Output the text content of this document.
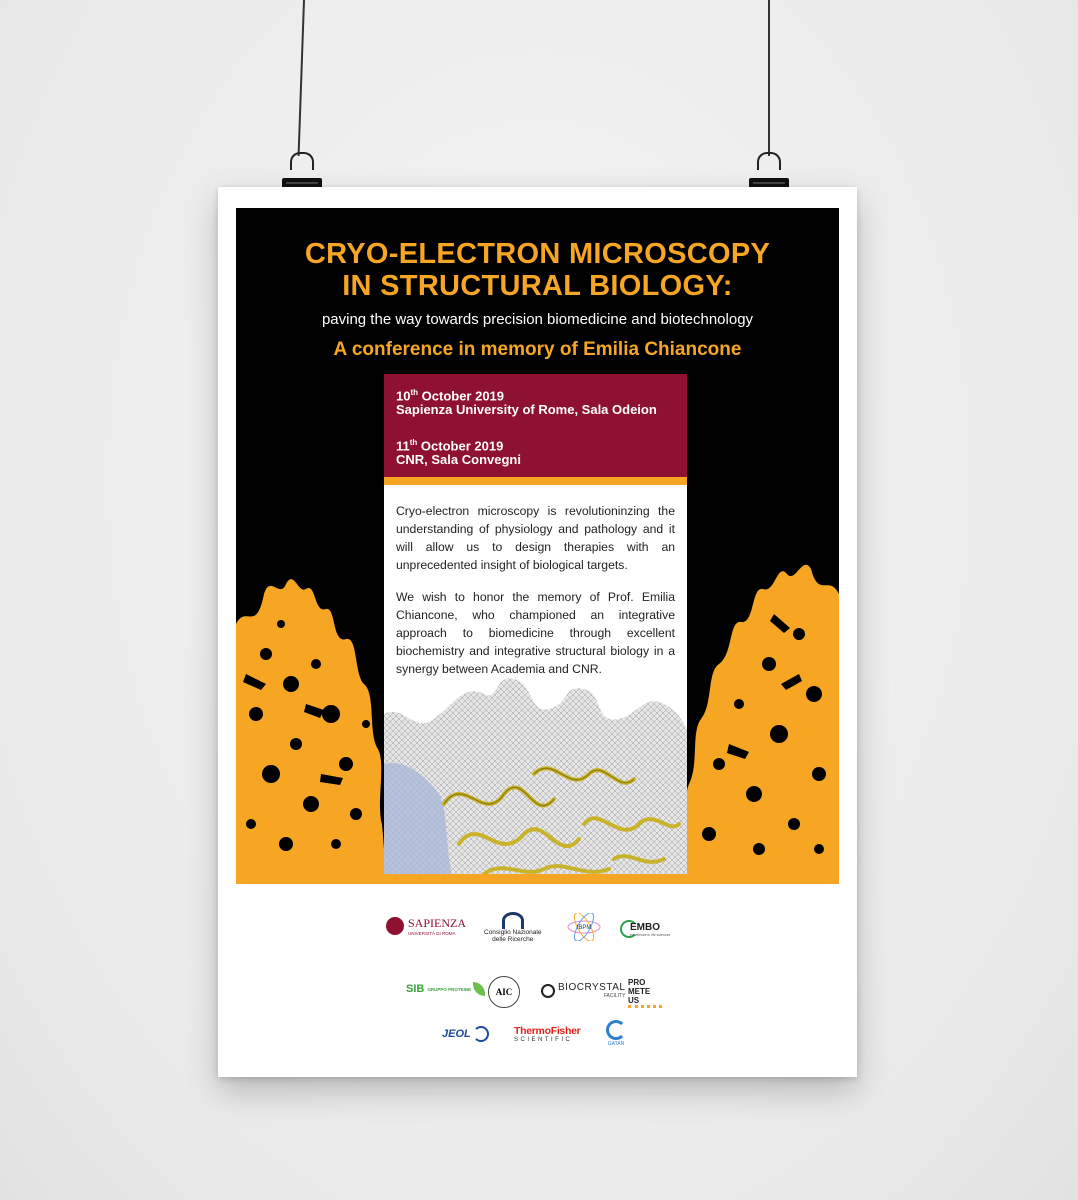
CRYO-ELECTRON MICROSCOPY
IN STRUCTURAL BIOLOGY:
paving the way towards precision biomedicine and biotechnology
A conference in memory of Emilia Chiancone
10th October 2019
Sapienza University of Rome, Sala Odeion
11th October 2019
CNR, Sala Convegni
Cryo-electron microscopy is revolutioninzing the understanding of physiology and pathology and it will allow us to design therapies with an unprecedented insight of biological targets.
We wish to honor the memory of Prof. Emilia Chiancone, who championed an integrative approach to biomedicine through excellent biochemistry and integrative structural biology in a synergy between Academia and CNR.
SAPIENZA
UNIVERSITÀ DI ROMA	Consiglio Nazionale
delle Ricerche
IBPM	EMBO
excellence in life sciences
SIB GRUPPO PROTEINE	AIC	BIOCRYSTAL
FACILITY
PRO METE US
JEOL	ThermoFisher
SCIENTIFIC
GATAN
